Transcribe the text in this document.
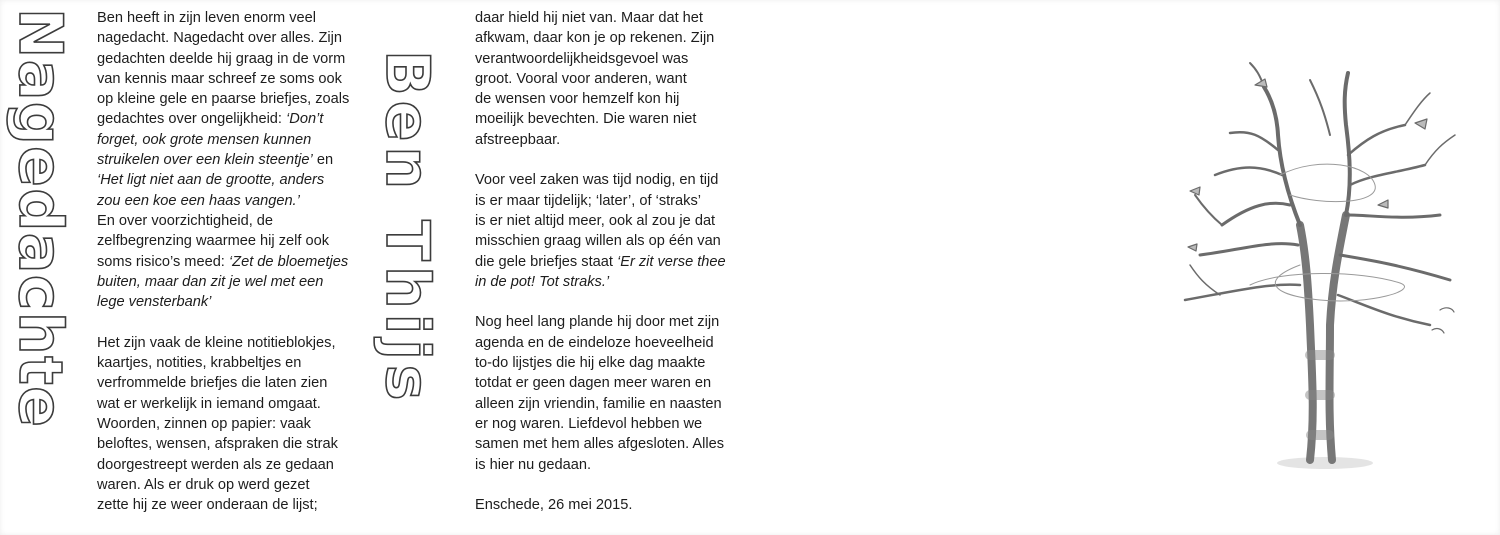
Nagedachte	Ben Thijs

Ben heeft in zijn leven enorm veel
nagedacht. Nagedacht over alles. Zijn
gedachten deelde hij graag in de vorm
van kennis maar schreef ze soms ook
op kleine gele en paarse briefjes, zoals
gedachtes over ongelijkheid: ‘Don’t
forget, ook grote mensen kunnen
struikelen over een klein steentje’ en
‘Het ligt niet aan de grootte, anders
zou een koe een haas vangen.’
En over voorzichtigheid, de
zelfbegrenzing waarmee hij zelf ook
soms risico’s meed: ‘Zet de bloemetjes
buiten, maar dan zit je wel met een
lege vensterbank’

Het zijn vaak de kleine notitieblokjes,
kaartjes, notities, krabbeltjes en
verfrommelde briefjes die laten zien
wat er werkelijk in iemand omgaat.
Woorden, zinnen op papier: vaak
beloftes, wensen, afspraken die strak
doorgestreept werden als ze gedaan
waren. Als er druk op werd gezet
zette hij ze weer onderaan de lijst;

daar hield hij niet van. Maar dat het
afkwam, daar kon je op rekenen. Zijn
verantwoordelijkheidsgevoel was
groot. Vooral voor anderen, want
de wensen voor hemzelf kon hij
moeilijk bevechten. Die waren niet
afstreepbaar.

Voor veel zaken was tijd nodig, en tijd
is er maar tijdelijk; ‘later’, of ‘straks’
is er niet altijd meer, ook al zou je dat
misschien graag willen als op één van
die gele briefjes staat ‘Er zit verse thee
in de pot! Tot straks.’

Nog heel lang plande hij door met zijn
agenda en de eindeloze hoeveelheid
to-do lijstjes die hij elke dag maakte
totdat er geen dagen meer waren en
alleen zijn vriendin, familie en naasten
er nog waren. Liefdevol hebben we
samen met hem alles afgesloten. Alles
is hier nu gedaan.

Enschede, 26 mei 2015.
